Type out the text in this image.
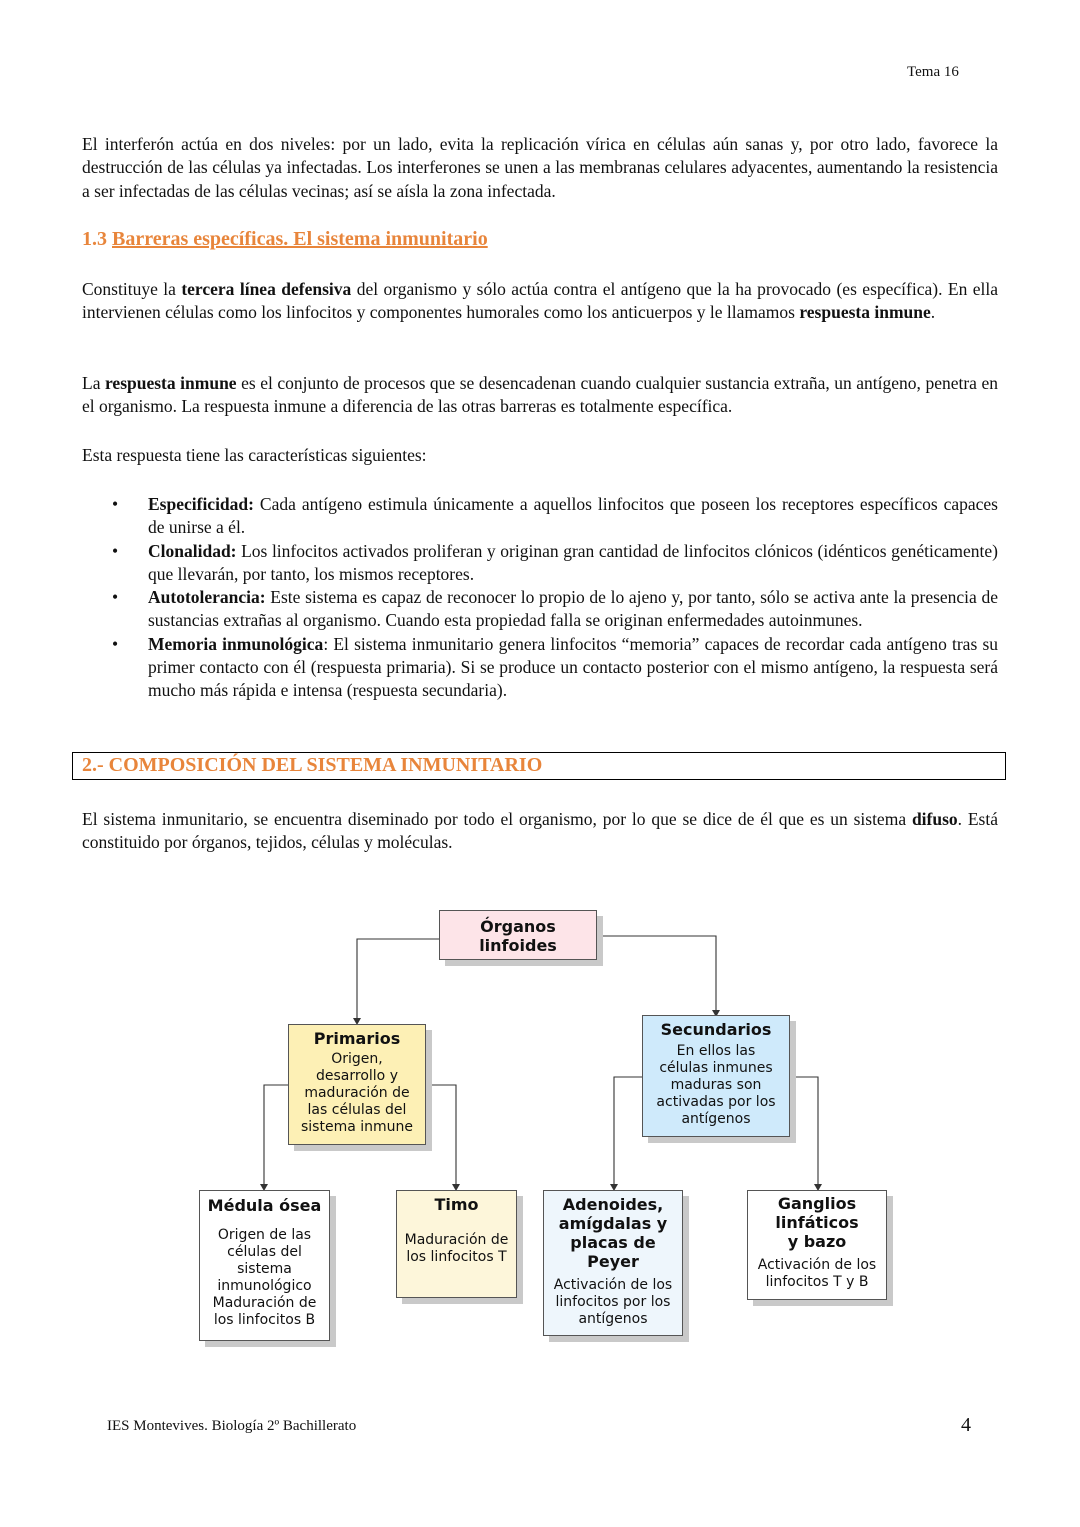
Tema 16

El interferón actúa en dos niveles: por un lado, evita la replicación vírica en células aún sanas y, por otro lado, favorece la destrucción de las células ya infectadas. Los interferones se unen a las membranas celulares adyacentes, aumentando la resistencia a ser infectadas de las células vecinas; así se aísla la zona infectada.

1.3 Barreras específicas. El sistema inmunitario

Constituye la tercera línea defensiva del organismo y sólo actúa contra el antígeno que la ha provocado (es específica). En ella intervienen células como los linfocitos y componentes humorales como los anticuerpos y le llamamos respuesta inmune.

La respuesta inmune es el conjunto de procesos que se desencadenan cuando cualquier sustancia extraña, un antígeno, penetra en el organismo. La respuesta inmune a diferencia de las otras barreras es totalmente específica.

Esta respuesta tiene las características siguientes:

• Especificidad: Cada antígeno estimula únicamente a aquellos linfocitos que poseen los receptores específicos capaces de unirse a él.

• Clonalidad: Los linfocitos activados proliferan y originan gran cantidad de linfocitos clónicos (idénticos genéticamente) que llevarán, por tanto, los mismos receptores.

• Autotolerancia: Este sistema es capaz de reconocer lo propio de lo ajeno y, por tanto, sólo se activa ante la presencia de sustancias extrañas al organismo. Cuando esta propiedad falla se originan enfermedades autoinmunes.

• Memoria inmunológica: El sistema inmunitario genera linfocitos “memoria” capaces de recordar cada antígeno tras su primer contacto con él (respuesta primaria). Si se produce un contacto posterior con el mismo antígeno, la respuesta será mucho más rápida e intensa (respuesta secundaria).

2.- COMPOSICIÓN DEL SISTEMA INMUNITARIO

El sistema inmunitario, se encuentra diseminado por todo el organismo, por lo que se dice de él que es un sistema difuso. Está constituido por órganos, tejidos, células y moléculas.

Órganos
linfoides
Primarios
Origen,
desarrollo y
maduración de
las células del
sistema inmune
Secundarios
En ellos las
células inmunes
maduras son
activadas por los
antígenos
Médula ósea
Origen de las
células del
sistema
inmunológico
Maduración de
los linfocitos B
Timo
Maduración de
los linfocitos T
Adenoides,
amígdalas y
placas de
Peyer
Activación de los
linfocitos por los
antígenos
Ganglios
linfáticos
y bazo
Activación de los
linfocitos T y B
IES Montevives. Biología 2º Bachillerato	4
